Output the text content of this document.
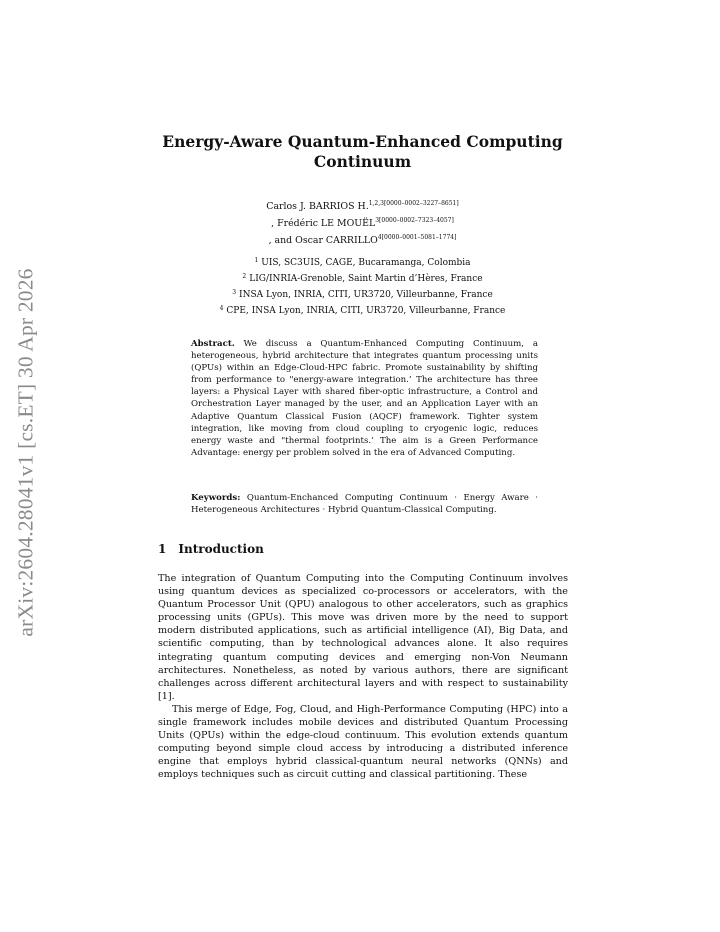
arXiv:2604.28041v1 [cs.ET] 30 Apr 2026
Energy-Aware Quantum-Enhanced Computing Continuum
Carlos J. BARRIOS H.$^{1,2,3[0000-0002-3227-8651]}$
, Frédéric LE $MOUËL^{3[0000-0002-7323-4057]}$
, and Oscar $CARRILLO^{4[0000-0001-5081-1774]}$
$^1$ UIS, SC3UIS, CAGE, Bucaramanga, Colombia
$^2$ LIG/INRIA-Grenoble, Saint Martin d’Hères, France
$^3$ INSA Lyon, INRIA, CITI, UR3720, Villeurbanne, France
$^4$ CPE, INSA Lyon, INRIA, CITI, UR3720, Villeurbanne, France
Abstract. We discuss a Quantum-Enhanced Computing Continuum, a heterogeneous, hybrid architecture that integrates quantum processing units (QPUs) within an Edge-Cloud-HPC fabric. Promote sustainability by shifting from performance to "energy-aware integration.’ The architecture has three layers: a Physical Layer with shared fiber-optic infrastructure, a Control and Orchestration Layer managed by the user, and an Application Layer with an Adaptive Quantum Classical Fusion (AQCF) framework. Tighter system integration, like moving from cloud coupling to cryogenic logic, reduces energy waste and "thermal footprints.’ The aim is a Green Performance Advantage: energy per problem solved in the era of Advanced Computing.
Keywords: Quantum-Enchanced Computing Continuum · Energy Aware · Heterogeneous Architectures · Hybrid Quantum-Classical Computing.
1 Introduction

The integration of Quantum Computing into the Computing Continuum involves using quantum devices as specialized co-processors or accelerators, with the Quantum Processor Unit (QPU) analogous to other accelerators, such as graphics processing units (GPUs). This move was driven more by the need to support modern distributed applications, such as artificial intelligence (AI), Big Data, and scientific computing, than by technological advances alone. It also requires integrating quantum computing devices and emerging non-Von Neumann architectures. Nonetheless, as noted by various authors, there are significant challenges across different architectural layers and with respect to sustainability [1].

This merge of Edge, Fog, Cloud, and High-Performance Computing (HPC) into a single framework includes mobile devices and distributed Quantum Processing Units (QPUs) within the edge-cloud continuum. This evolution extends quantum computing beyond simple cloud access by introducing a distributed inference engine that employs hybrid classical-quantum neural networks (QNNs) and employs techniques such as circuit cutting and classical partitioning. These
